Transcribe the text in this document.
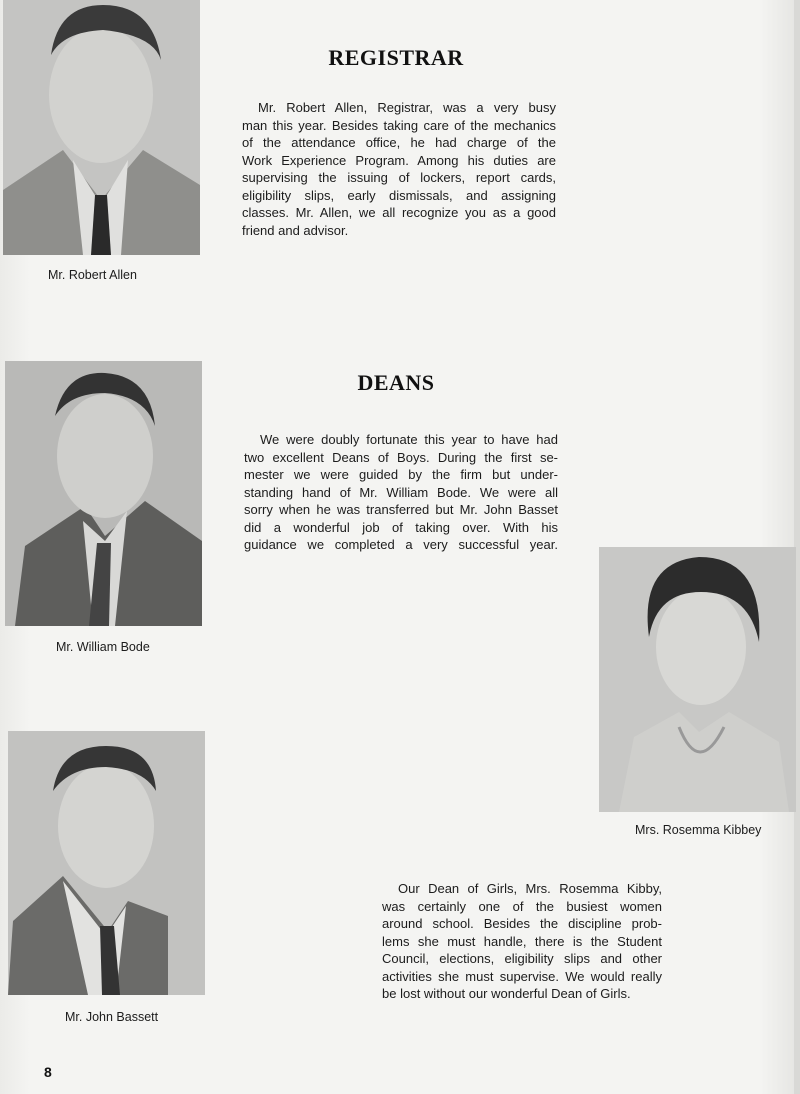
Mr. Robert Allen
REGISTRAR
Mr. Robert Allen, Registrar, was a very busy
man this year. Besides taking care of the mechanics
of the attendance office, he had charge of the
Work Experience Program. Among his duties are
supervising the issuing of lockers, report cards,
eligibility slips, early dismissals, and assigning
classes. Mr. Allen, we all recognize you as a good
friend and advisor.
Mr. William Bode
DEANS
We were doubly fortunate this year to have had
two excellent Deans of Boys. During the first se-
mester we were guided by the firm but under-
standing hand of Mr. William Bode. We were all
sorry when he was transferred but Mr. John Basset
did a wonderful job of taking over. With his
guidance we completed a very successful year.
Mrs. Rosemma Kibbey
Mr. John Bassett
Our Dean of Girls, Mrs. Rosemma Kibby,
was certainly one of the busiest women
around school. Besides the discipline prob-
lems she must handle, there is the Student
Council, elections, eligibility slips and other
activities she must supervise. We would really
be lost without our wonderful Dean of Girls.
8
